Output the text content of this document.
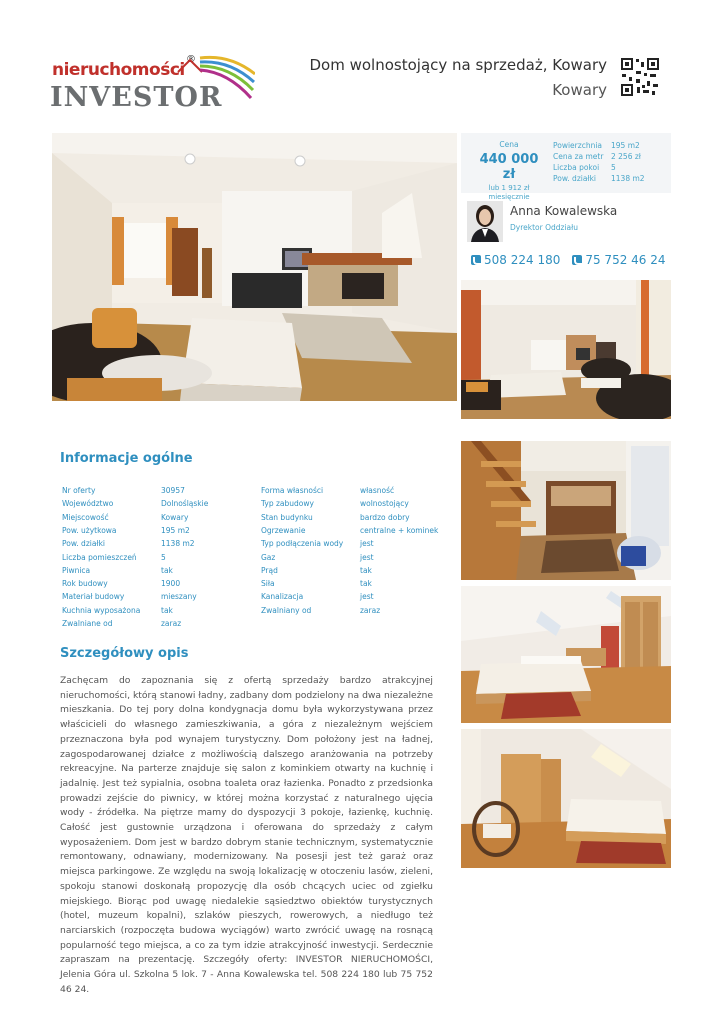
nieruchomości
®
INVESTOR
Dom wolnostojący na sprzedaż, Kowary
Kowary
Cena
440 000 zł
lub 1 912 zł
miesięcznie
Powierzchnia	195 m2
Cena za metr	2 256 zł
Liczba pokoi	5
Pow. działki	1138 m2
Anna Kowalewska
Dyrektor Oddziału
508 224 180 75 752 46 24
Informacje ogólne
Nr oferty	30957
Województwo	Dolnośląskie
Miejscowość	Kowary
Pow. użytkowa	195 m2
Pow. działki	1138 m2
Liczba pomieszczeń	5
Piwnica	tak
Rok budowy	1900
Materiał budowy	mieszany
Kuchnia wyposażona	tak
Zwalniane od	zaraz
Forma własności	własność
Typ zabudowy	wolnostojący
Stan budynku	bardzo dobry
Ogrzewanie	centralne + kominek
Typ podłączenia wody jest
Gaz	jest
Prąd	tak
Siła	tak
Kanalizacja	jest
Zwalniany od	zaraz
Szczegółowy opis
Zachęcam do zapoznania się z ofertą sprzedaży bardzo atrakcyjnej nieruchomości, którą stanowi ładny, zadbany dom podzielony na dwa niezależne mieszkania. Do tej pory dolna kondygnacja domu była wykorzystywana przez właścicieli do własnego zamieszkiwania, a góra z niezależnym wejściem przeznaczona była pod wynajem turystyczny. Dom położony jest na ładnej, zagospodarowanej działce z możliwością dalszego aranżowania na potrzeby rekreacyjne. Na parterze znajduje się salon z kominkiem otwarty na kuchnię i jadalnię. Jest też sypialnia, osobna toaleta oraz łazienka. Ponadto z przedsionka prowadzi zejście do piwnicy, w której można korzystać z naturalnego ujęcia wody - źródełka. Na piętrze mamy do dyspozycji 3 pokoje, łazienkę, kuchnię. Całość jest gustownie urządzona i oferowana do sprzedaży z całym wyposażeniem. Dom jest w bardzo dobrym stanie technicznym, systematycznie remontowany, odnawiany, modernizowany. Na posesji jest też garaż oraz miejsca parkingowe. Ze względu na swoją lokalizację w otoczeniu lasów, zieleni, spokoju stanowi doskonałą propozycję dla osób chcących uciec od zgiełku miejskiego. Biorąc pod uwagę niedalekie sąsiedztwo obiektów turystycznych (hotel, muzeum kopalni), szlaków pieszych, rowerowych, a niedługo też narciarskich (rozpoczęta budowa wyciągów) warto zwrócić uwagę na rosnącą popularność tego miejsca, a co za tym idzie atrakcyjność inwestycji. Serdecznie zapraszam na prezentację. Szczegóły oferty: INVESTOR NIERUCHOMOŚCI, Jelenia Góra ul. Szkolna 5 lok. 7 - Anna Kowalewska tel. 508 224 180 lub 75 752 46 24.
